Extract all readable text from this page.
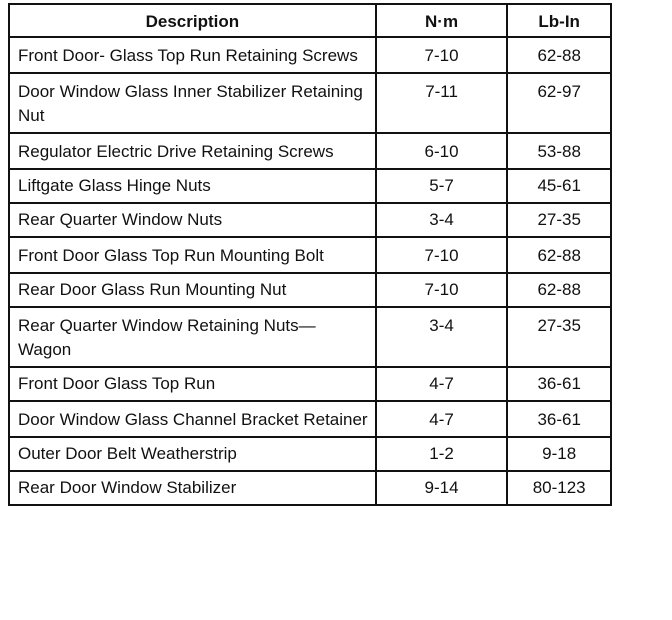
Description	N·m	Lb-In
Front Door- Glass Top Run Retaining Screws	7-10	62-88
Door Window Glass Inner Stabilizer Retaining Nut	7-11	62-97
Regulator Electric Drive Retaining Screws	6-10	53-88
Liftgate Glass Hinge Nuts	5-7	45-61
Rear Quarter Window Nuts	3-4	27-35
Front Door Glass Top Run Mounting Bolt	7-10	62-88
Rear Door Glass Run Mounting Nut	7-10	62-88
Rear Quarter Window Retaining Nuts—Wagon	3-4	27-35
Front Door Glass Top Run	4-7	36-61
Door Window Glass Channel Bracket Retainer	4-7	36-61
Outer Door Belt Weatherstrip	1-2	9-18
Rear Door Window Stabilizer	9-14	80-123
